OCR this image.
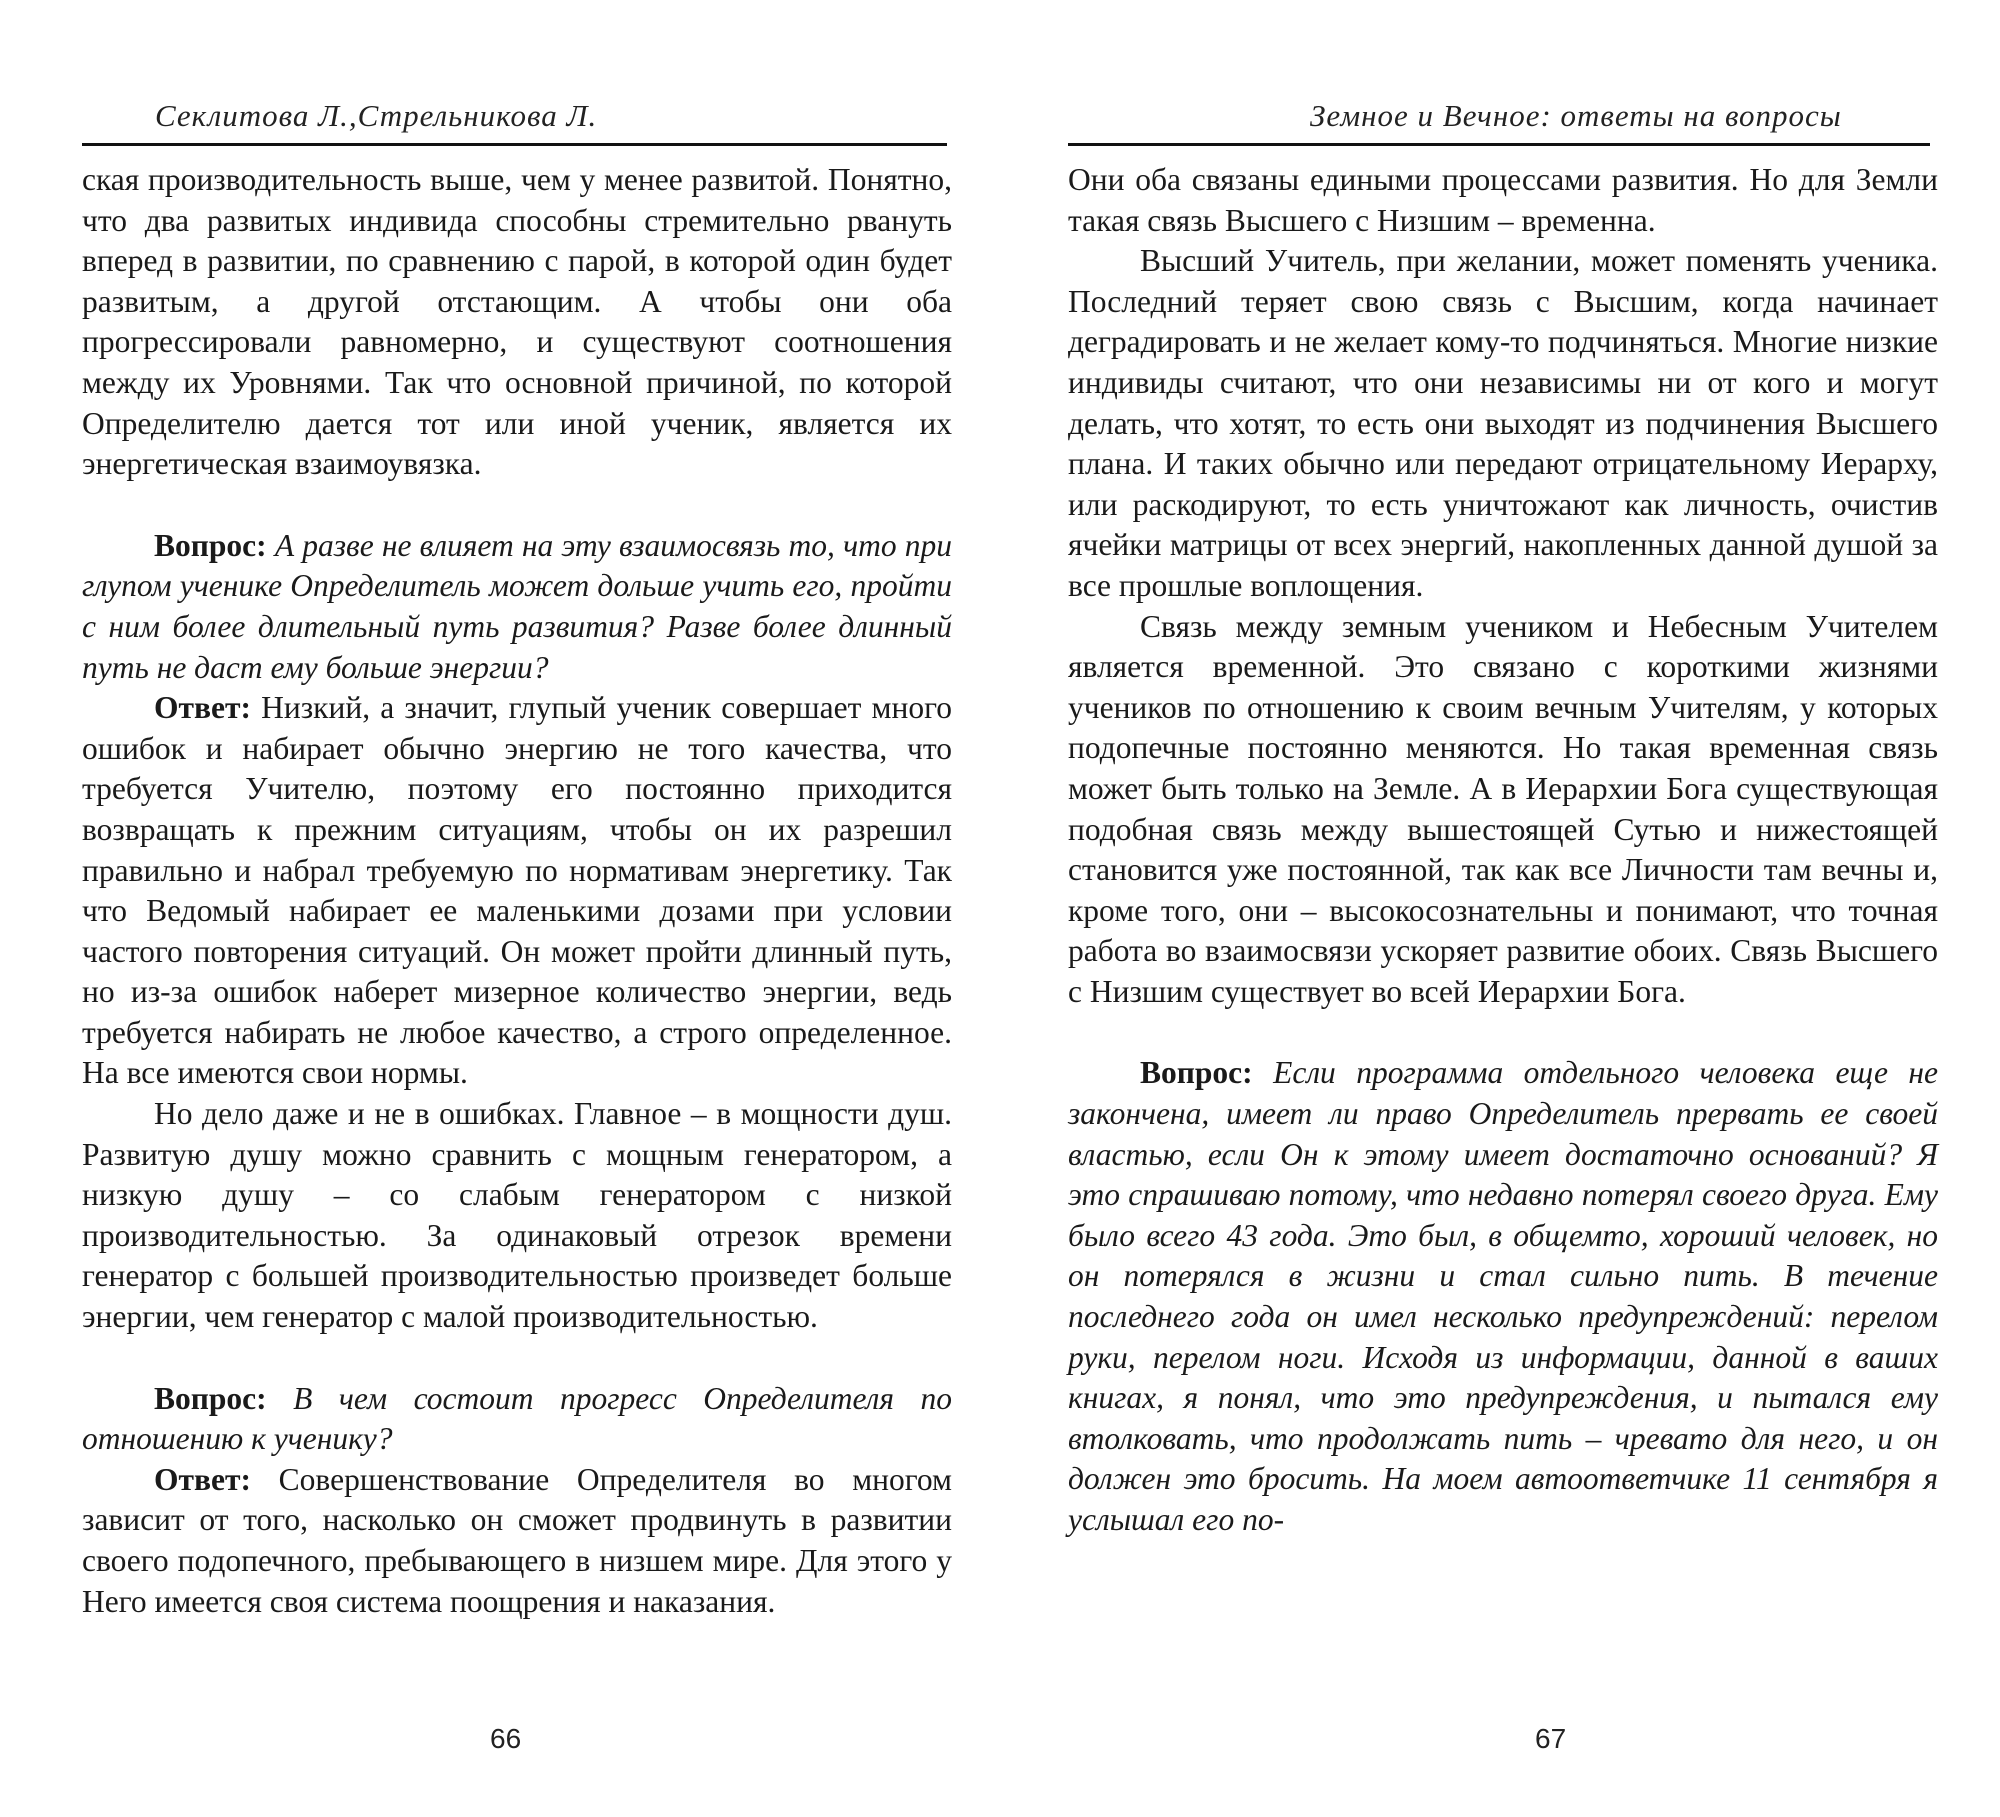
Секлитова Л.,Стрельникова Л.

ская производительность выше, чем у менее развитой. Понятно, что два развитых индивида способны стремительно рвануть вперед в развитии, по сравнению с парой, в которой один будет развитым, а другой отстающим. А чтобы они оба прогрессировали равномерно, и существуют соотношения между их Уровнями. Так что основной причиной, по которой Определителю дается тот или иной ученик, является их энергетическая взаимоувязка.

Вопрос: А разве не влияет на эту взаимосвязь то, что при глупом ученике Определитель может дольше учить его, пройти с ним более длительный путь развития? Разве более длинный путь не даст ему больше энергии?

Ответ: Низкий, а значит, глупый ученик совершает много ошибок и набирает обычно энергию не того качества, что требуется Учителю, поэтому его постоянно приходится возвращать к прежним ситуациям, чтобы он их разрешил правильно и набрал требуемую по нормативам энергетику. Так что Ведомый набирает ее маленькими дозами при условии частого повторения ситуаций. Он может пройти длинный путь, но из-за ошибок наберет мизерное количество энергии, ведь требуется набирать не любое качество, а строго определенное. На все имеются свои нормы.

Но дело даже и не в ошибках. Главное – в мощности душ. Развитую душу можно сравнить с мощным генератором, а низкую душу – со слабым генератором с низкой производительностью. За одинаковый отрезок времени генератор с большей производительностью произведет больше энергии, чем генератор с малой производительностью.

Вопрос: В чем состоит прогресс Определителя по отношению к ученику?

Ответ: Совершенствование Определителя во многом зависит от того, насколько он сможет продвинуть в развитии своего подопечного, пребывающего в низшем мире. Для этого у Него имеется своя система поощрения и наказания.

66
Земное и Вечное: ответы на вопросы

Они оба связаны едиными процессами развития. Но для Земли такая связь Высшего с Низшим – временна.

Высший Учитель, при желании, может поменять ученика. Последний теряет свою связь с Высшим, когда начинает деградировать и не желает кому-то подчиняться. Многие низкие индивиды считают, что они независимы ни от кого и могут делать, что хотят, то есть они выходят из подчинения Высшего плана. И таких обычно или передают отрицательному Иерарху, или раскодируют, то есть уничтожают как личность, очистив ячейки матрицы от всех энергий, накопленных данной душой за все прошлые воплощения.

Связь между земным учеником и Небесным Учителем является временной. Это связано с короткими жизнями учеников по отношению к своим вечным Учителям, у которых подопечные постоянно меняются. Но такая временная связь может быть только на Земле. А в Иерархии Бога существующая подобная связь между вышестоящей Сутью и нижестоящей становится уже постоянной, так как все Личности там вечны и, кроме того, они – высокосознательны и понимают, что точная работа во взаимосвязи ускоряет развитие обоих. Связь Высшего с Низшим существует во всей Иерархии Бога.

Вопрос: Если программа отдельного человека еще не закончена, имеет ли право Определитель прервать ее своей властью, если Он к этому имеет достаточно оснований? Я это спрашиваю потому, что недавно потерял своего друга. Ему было всего 43 года. Это был, в общемто, хороший человек, но он потерялся в жизни и стал сильно пить. В течение последнего года он имел несколько предупреждений: перелом руки, перелом ноги. Исходя из информации, данной в ваших книгах, я понял, что это предупреждения, и пытался ему втолковать, что продолжать пить – чревато для него, и он должен это бросить. На моем автоответчике 11 сентября я услышал его по-

67
